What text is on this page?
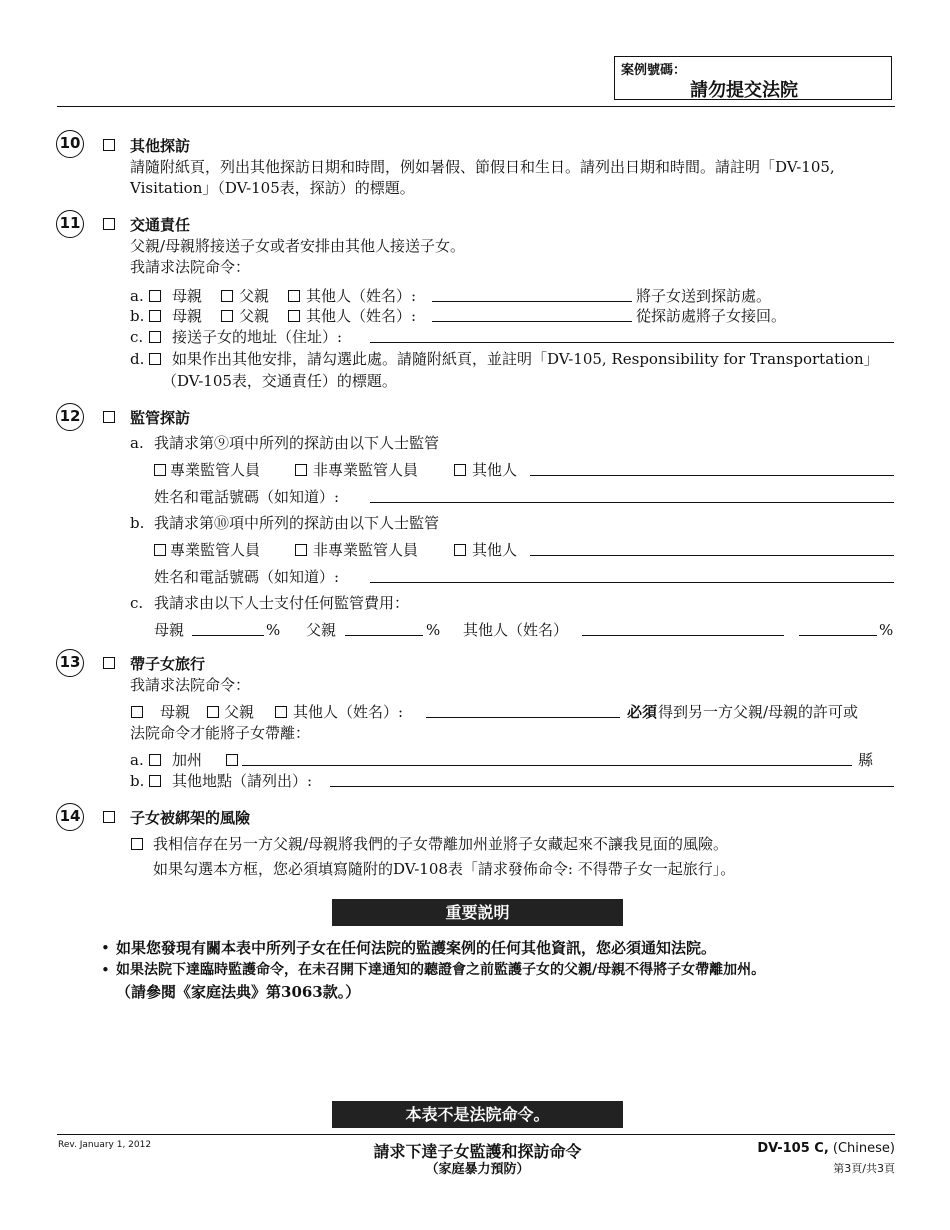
案例號碼：
請勿提交法院
10	其他探訪
請隨附紙頁，列出其他探訪日期和時間，例如暑假、節假日和生日。請列出日期和時間。請註明「DV-105,
Visitation」（DV-105表，探訪）的標題。
11	交通責任
父親/母親將接送子女或者安排由其他人接送子女。
我請求法院命令：
a. 母親 父親 其他人（姓名）:	將子女送到探訪處。
b. 母親 父親 其他人（姓名）:	從探訪處將子女接回。
c. 接送子女的地址（住址）:
d. 如果作出其他安排，請勾選此處。請隨附紙頁，並註明「DV-105, Responsibility for Transportation」
（DV-105表，交通責任）的標題。
12	監管探訪
a. 我請求第⑨項中所列的探訪由以下人士監管
專業監管人員	非專業監管人員	其他人
姓名和電話號碼（如知道）:
b. 我請求第⑩項中所列的探訪由以下人士監管
專業監管人員	非專業監管人員	其他人
姓名和電話號碼（如知道）:
c. 我請求由以下人士支付任何監管費用：
母親	% 父親	% 其他人（姓名）	%
13	帶子女旅行
我請求法院命令：
母親 父親	其他人（姓名）:	必須 得到另一方父親/母親的許可或
法院命令才能將子女帶離：
a. 加州	縣
b. 其他地點（請列出）:
14	子女被綁架的風險
我相信存在另一方父親/母親將我們的子女帶離加州並將子女藏起來不讓我見面的風險。
如果勾選本方框，您必須填寫隨附的DV-108表「請求發佈命令: 不得帶子女一起旅行」。
重要説明
• 如果您發現有關本表中所列子女在任何法院的監護案例的任何其他資訊，您必須通知法院。
• 如果法院下達臨時監護命令，在未召開下達通知的聽證會之前監護子女的父親/母親不得將子女帶離加州。
（請參閱《家庭法典》第3063款。）
本表不是法院命令。
Rev. January 1, 2012	請求下達子女監護和探訪命令
（家庭暴力預防）
DV-105 C, (Chinese)
第3頁/共3頁
